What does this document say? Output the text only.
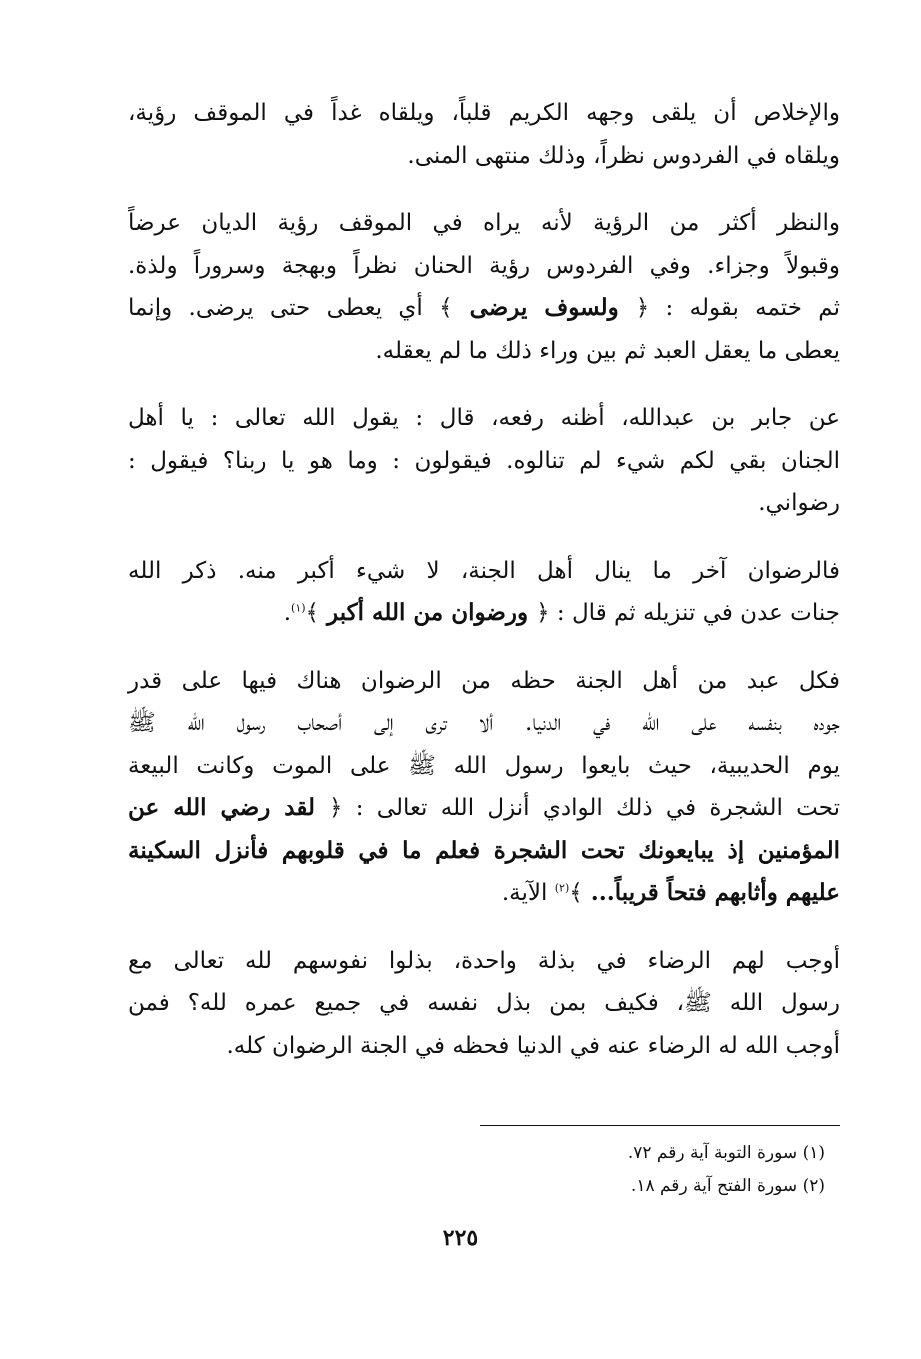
والإخلاص أن يلقى وجهه الكريم قلباً، ويلقاه غداً في الموقف رؤية،
ويلقاه في الفردوس نظراً، وذلك منتهى المنى.

والنظر أكثر من الرؤية لأنه يراه في الموقف رؤية الديان عرضاً
وقبولاً وجزاء. وفي الفردوس رؤية الحنان نظراً وبهجة وسروراً ولذة.
ثم ختمه بقوله : ﴿ ولسوف يرضى ﴾ أي يعطى حتى يرضى. وإنما
يعطى ما يعقل العبد ثم بين وراء ذلك ما لم يعقله.

عن جابر بن عبدالله، أظنه رفعه، قال : يقول الله تعالى : يا أهل
الجنان بقي لكم شيء لم تنالوه. فيقولون : وما هو يا ربنا؟ فيقول :
رضواني.

فالرضوان آخر ما ينال أهل الجنة، لا شيء أكبر منه. ذكر الله
جنات عدن في تنزيله ثم قال : ﴿ ورضوان من الله أكبر ﴾$^{(١)}$.

فكل عبد من أهل الجنة حظه من الرضوان هناك فيها على قدر
جوده بنفسه على الله في الدنيا. ألا ترى إلى أصحاب رسول الله ﷺ
يوم الحديبية، حيث بايعوا رسول الله ﷺ على الموت وكانت البيعة
تحت الشجرة في ذلك الوادي أنزل الله تعالى : ﴿ لقد رضي الله عن
المؤمنين إذ يبايعونك تحت الشجرة فعلم ما في قلوبهم فأنزل السكينة
عليهم وأثابهم فتحاً قريباً... ﴾$^{(٢)}$ الآية.

أوجب لهم الرضاء في بذلة واحدة، بذلوا نفوسهم لله تعالى مع
رسول الله ﷺ، فكيف بمن بذل نفسه في جميع عمره لله؟ فمن
أوجب الله له الرضاء عنه في الدنيا فحظه في الجنة الرضوان كله.

(١) سورة التوبة آية رقم ٧٢.
(٢) سورة الفتح آية رقم ١٨.
٢٢٥
